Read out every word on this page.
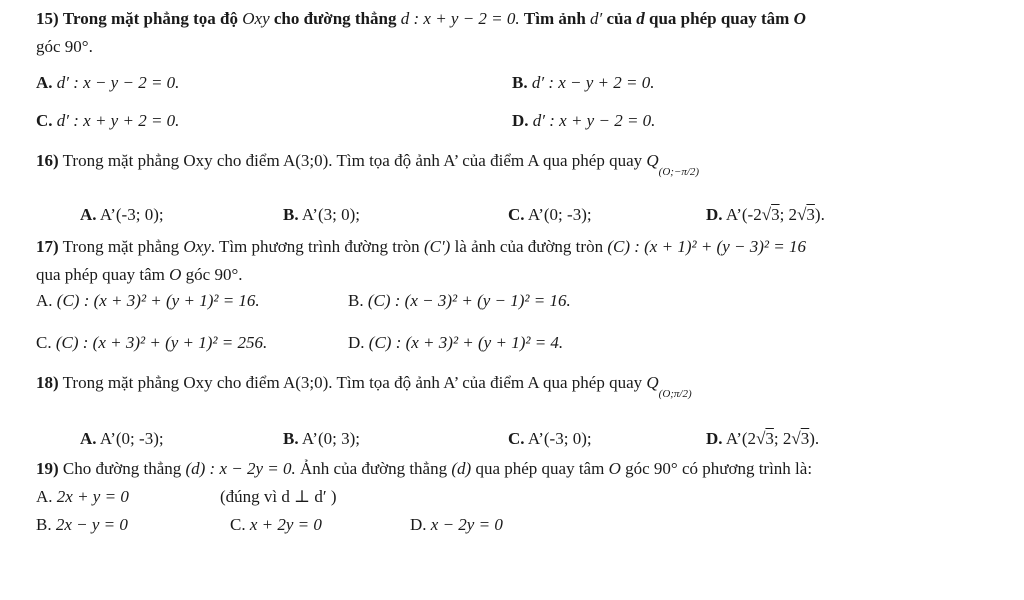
15) Trong mặt phẳng tọa độ Oxy cho đường thẳng d : x + y − 2 = 0. Tìm ảnh d′ của d qua phép quay tâm O
góc 90°.
A. d′ : x − y − 2 = 0.	B. d′ : x − y + 2 = 0.
C. d′ : x + y + 2 = 0.	D. d′ : x + y − 2 = 0.
16) Trong mặt phẳng Oxy cho điểm A(3;0). Tìm tọa độ ảnh A’ của điểm A qua phép quay $Q_{(O;-\pi/2)}$
A. A’(-3; 0);	B. A’(3; 0);	C. A’(0; -3);	D. A’(-2√3; 2√3).
17) Trong mặt phẳng Oxy. Tìm phương trình đường tròn (C′) là ảnh của đường tròn (C) : (x + 1)² + (y − 3)² = 16
qua phép quay tâm O góc 90°.
A. (C) : (x + 3)² + (y + 1)² = 16.	B. (C) : (x − 3)² + (y − 1)² = 16.
C. (C) : (x + 3)² + (y + 1)² = 256.	D. (C) : (x + 3)² + (y + 1)² = 4.
18) Trong mặt phẳng Oxy cho điểm A(3;0). Tìm tọa độ ảnh A’ của điểm A qua phép quay $Q_{(O;\pi/2)}$
A. A’(0; -3);	B. A’(0; 3);	C. A’(-3; 0);	D. A’(2√3; 2√3).
19) Cho đường thẳng (d) : x − 2y = 0. Ảnh của đường thẳng (d) qua phép quay tâm O góc 90° có phương trình là:
A. 2x + y = 0	(đúng vì d ⊥ d′ )
B. 2x − y = 0	C. x + 2y = 0	D. x − 2y = 0
